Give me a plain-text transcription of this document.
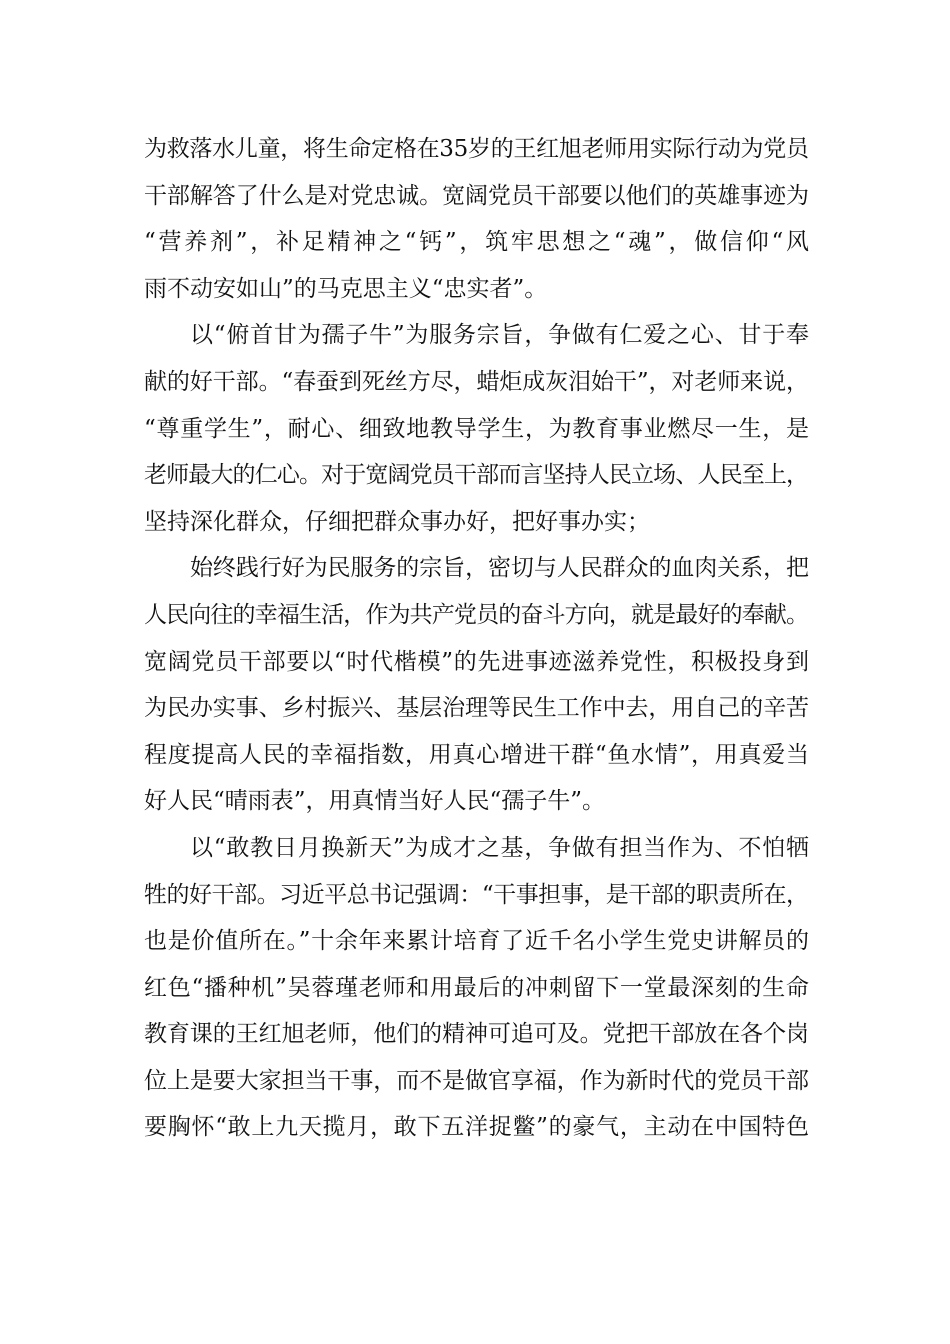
为救落水儿童，将生命定格在35岁的王红旭老师用实际行动为党员
干部解答了什么是对党忠诚。宽阔党员干部要以他们的英雄事迹为
“营养剂”，补足精神之“钙”，筑牢思想之“魂”，做信仰“风
雨不动安如山”的马克思主义“忠实者”。
以“俯首甘为孺子牛”为服务宗旨，争做有仁爱之心、甘于奉
献的好干部。“春蚕到死丝方尽，蜡炬成灰泪始干”，对老师来说，
“尊重学生”，耐心、细致地教导学生，为教育事业燃尽一生，是
老师最大的仁心。对于宽阔党员干部而言坚持人民立场、人民至上，
坚持深化群众，仔细把群众事办好，把好事办实；
始终践行好为民服务的宗旨，密切与人民群众的血肉关系，把
人民向往的幸福生活，作为共产党员的奋斗方向，就是最好的奉献。
宽阔党员干部要以“时代楷模”的先进事迹滋养党性，积极投身到
为民办实事、乡村振兴、基层治理等民生工作中去，用自己的辛苦
程度提高人民的幸福指数，用真心增进干群“鱼水情”，用真爱当
好人民“晴雨表”，用真情当好人民“孺子牛”。
以“敢教日月换新天”为成才之基，争做有担当作为、不怕牺
牲的好干部。习近平总书记强调：“干事担事，是干部的职责所在，
也是价值所在。”十余年来累计培育了近千名小学生党史讲解员的
红色“播种机”吴蓉瑾老师和用最后的冲刺留下一堂最深刻的生命
教育课的王红旭老师，他们的精神可追可及。党把干部放在各个岗
位上是要大家担当干事，而不是做官享福，作为新时代的党员干部
要胸怀“敢上九天揽月，敢下五洋捉鳖”的豪气，主动在中国特色
